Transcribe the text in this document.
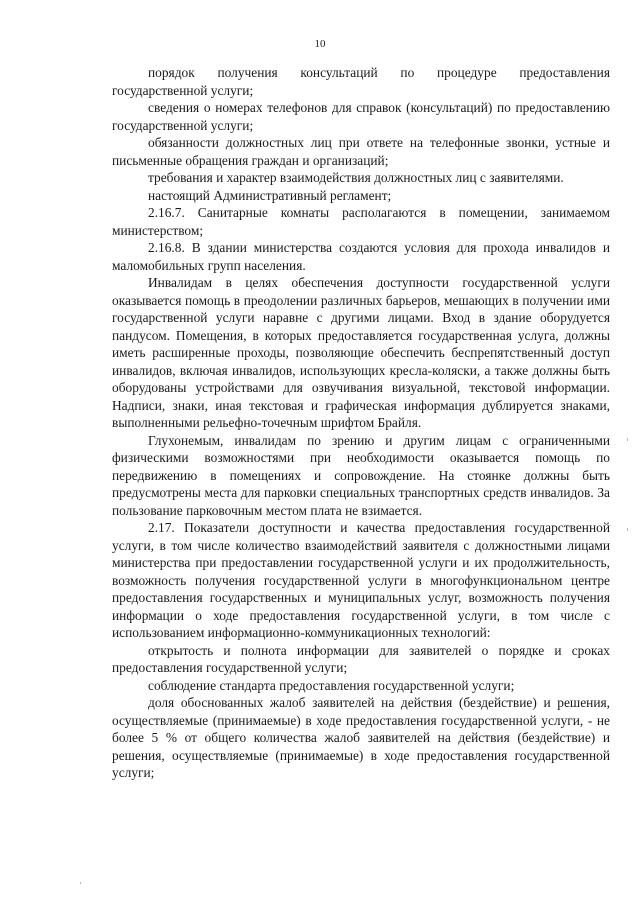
10

порядок получения консультаций по процедуре предоставления государственной услуги;

сведения о номерах телефонов для справок (консультаций) по предоставлению государственной услуги;

обязанности должностных лиц при ответе на телефонные звонки, устные и письменные обращения граждан и организаций;

требования и характер взаимодействия должностных лиц с заявителями.

настоящий Административный регламент;

2.16.7. Санитарные комнаты располагаются в помещении, занимаемом министерством;

2.16.8. В здании министерства создаются условия для прохода инвалидов и маломобильных групп населения.

Инвалидам в целях обеспечения доступности государственной услуги оказывается помощь в преодолении различных барьеров, мешающих в получении ими государственной услуги наравне с другими лицами. Вход в здание оборудуется пандусом. Помещения, в которых предоставляется государственная услуга, должны иметь расширенные проходы, позволяющие обеспечить беспрепятственный доступ инвалидов, включая инвалидов, использующих кресла-коляски, а также должны быть оборудованы устройствами для озвучивания визуальной, текстовой информации. Надписи, знаки, иная текстовая и графическая информация дублируется знаками, выполненными рельефно-точечным шрифтом Брайля.

Глухонемым, инвалидам по зрению и другим лицам с ограниченными физическими возможностями при необходимости оказывается помощь по передвижению в помещениях и сопровождение. На стоянке должны быть предусмотрены места для парковки специальных транспортных средств инвалидов. За пользование парковочным местом плата не взимается.

2.17. Показатели доступности и качества предоставления государственной услуги, в том числе количество взаимодействий заявителя с должностными лицами министерства при предоставлении государственной услуги и их продолжительность, возможность получения государственной услуги в многофункциональном центре предоставления государственных и муниципальных услуг, возможность получения информации о ходе предоставления государственной услуги, в том числе с использованием информационно-коммуникационных технологий:

открытость и полнота информации для заявителей о порядке и сроках предоставления государственной услуги;

соблюдение стандарта предоставления государственной услуги;

доля обоснованных жалоб заявителей на действия (бездействие) и решения, осуществляемые (принимаемые) в ходе предоставления государственной услуги, - не более 5 % от общего количества жалоб заявителей на действия (бездействие) и решения, осуществляемые (принимаемые) в ходе предоставления государственной услуги;
